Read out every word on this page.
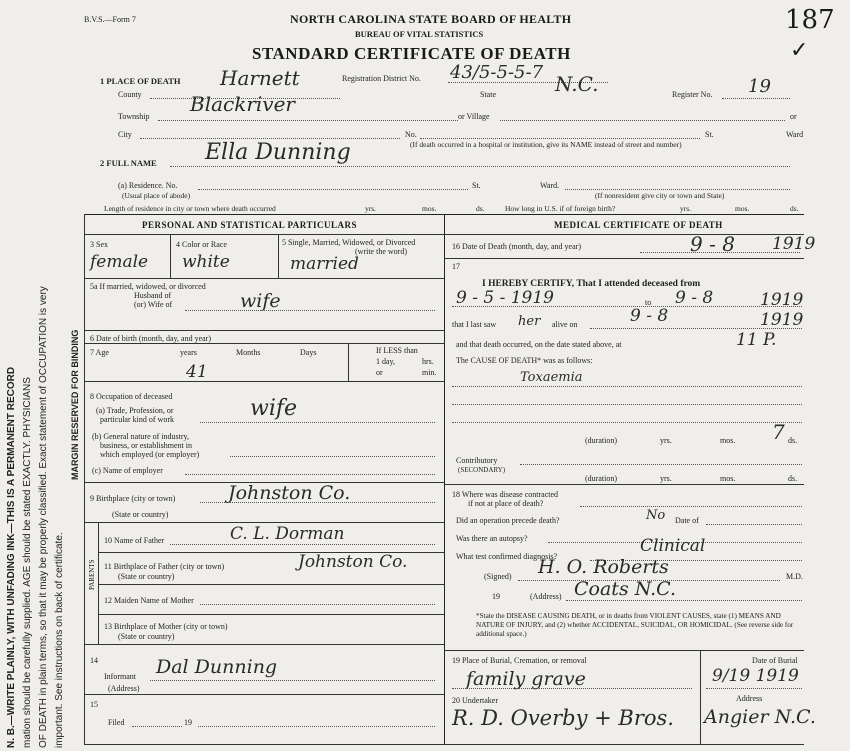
N. B.—WRITE PLAINLY, WITH UNFADING INK—THIS IS A PERMANENT RECORD mation should be carefully supplied. AGE should be stated EXACTLY. PHYSICIANS OF DEATH in plain terms, so that it may be properly classified. Exact statement of OCCUPATION is very important. See instructions on back of certificate.
MARGIN RESERVED FOR BINDING
B.V.S.—Form 7	NORTH CAROLINA STATE BOARD OF HEALTH
BUREAU OF VITAL STATISTICS
STANDARD CERTIFICATE OF DEATH
187
✓
1 PLACE OF DEATH
County
Harnett	Registration District No. 43/5-5-5-7
State	N.C.	Register No. 19
Township
Blackriver
or Village	or
City	No.	St.	Ward
(If death occurred in a hospital or institution, give its NAME instead of street and number)
2 FULL NAME Ella Dunning
(a) Residence. No.
(Usual place of abode)
St.	Ward.
(If nonresident give city or town and State)
Length of residence in city or town where death occurred	yrs.	mos.	ds.	How long in U.S. if of foreign birth?	yrs.	mos.	ds.
PERSONAL AND STATISTICAL PARTICULARS	MEDICAL CERTIFICATE OF DEATH
3 Sex	4 Color or Race	5 Single, Married, Widowed, or Divorced
(write the word)
female white	married
5a If married, widowed, or divorced
Husband of
(or) Wife of	wife
6 Date of birth (month, day, and year)
7 Age	years	Months	Days	If LESS than
1 day,	hrs.
or	min.
41
8 Occupation of deceased
(a) Trade, Profession, or
particular kind of work	wife
(b) General nature of industry,
business, or establishment in
which employed (or employer)
(c) Name of employer
9 Birthplace (city or town)
(State or country)
Johnston Co.
PARENTS
10 Name of Father	C. L. Dorman
11 Birthplace of Father (city or town)
(State or country)
Johnston Co.
12 Maiden Name of Mother
13 Birthplace of Mother (city or town)
(State or country)
14
Informant
(Address)
Dal Dunning
15
Filed	19
16 Date of Death (month, day, and year)	9 - 8 1919
17
I HEREBY CERTIFY, That I attended deceased from
9 - 5 - 1919	to 9 - 8	1919
that I last saw her alive on	9 - 8	1919
and that death occurred, on the date stated above, at	11 P.
The CAUSE OF DEATH* was as follows:
Toxaemia
(duration)	yrs.	mos. 7 ds.
Contributory
(SECONDARY)
(duration)	yrs.	mos.	ds.
18 Where was disease contracted
if not at place of death?
Did an operation precede death?	No Date of
Was there an autopsy?
What test confirmed diagnosis?
Clinical
(Signed) H. O. Roberts	M.D.
19	(Address) Coats N.C.
*State the DISEASE CAUSING DEATH, or in deaths from VIOLENT CAUSES, state (1) MEANS AND NATURE OF INJURY, and (2) whether ACCIDENTAL, SUICIDAL, OR HOMICIDAL. (See reverse side for additional space.)
19 Place of Burial, Cremation, or removal	Date of Burial
family grave	9/19 1919
20 Undertaker	Address
R. D. Overby + Bros. Angier N.C.
